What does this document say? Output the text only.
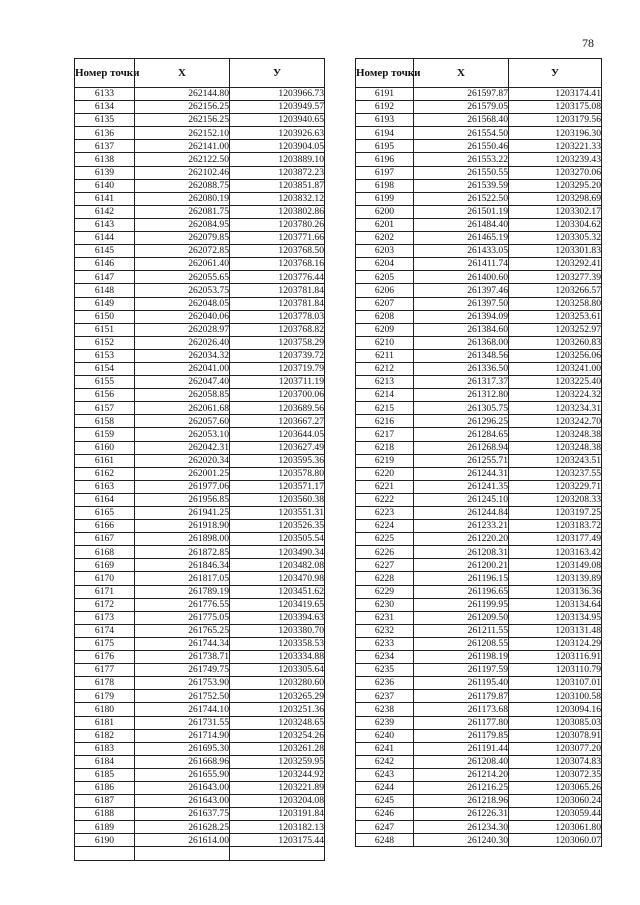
78
Номер точки	X	У
6133	262144.80	1203966.73
6134	262156.25	1203949.57
6135	262156.25	1203940.65
6136	262152.10	1203926.63
6137	262141.00	1203904.05
6138	262122.50	1203889.10
6139	262102.46	1203872.23
6140	262088.75	1203851.87
6141	262080.19	1203832.12
6142	262081.75	1203802.86
6143	262084.95	1203780.26
6144	262079.85	1203771.66
6145	262072.85	1203768.50
6146	262061.40	1203768.16
6147	262055.65	1203776.44
6148	262053.75	1203781.84
6149	262048.05	1203781.84
6150	262040.06	1203778.03
6151	262028.97	1203768.82
6152	262026.40	1203758.29
6153	262034.32	1203739.72
6154	262041.00	1203719.79
6155	262047.40	1203711.19
6156	262058.85	1203700.06
6157	262061.68	1203689.56
6158	262057.60	1203667.27
6159	262053.10	1203644.05
6160	262042.31	1203627.49
6161	262020.34	1203595.36
6162	262001.25	1203578.80
6163	261977.06	1203571.17
6164	261956.85	1203560.38
6165	261941.25	1203551.31
6166	261918.90	1203526.35
6167	261898.00	1203505.54
6168	261872.85	1203490.34
6169	261846.34	1203482.08
6170	261817.05	1203470.98
6171	261789.19	1203451.62
6172	261776.55	1203419.65
6173	261775.05	1203394.63
6174	261765.25	1203380.70
6175	261744.34	1203358.53
6176	261738.71	1203334.88
6177	261749.75	1203305.64
6178	261753.90	1203280.60
6179	261752.50	1203265.29
6180	261744.10	1203251.36
6181	261731.55	1203248.65
6182	261714.90	1203254.26
6183	261695.30	1203261.28
6184	261668.96	1203259.95
6185	261655.90	1203244.92
6186	261643.00	1203221.89
6187	261643.00	1203204.08
6188	261637.75	1203191.84
6189	261628.25	1203182.13
6190	261614.00	1203175.44

Номер точки	X	У
6191	261597.87	1203174.41
6192	261579.05	1203175.08
6193	261568.40	1203179.56
6194	261554.50	1203196.30
6195	261550.46	1203221.33
6196	261553.22	1203239.43
6197	261550.55	1203270.06
6198	261539.59	1203295.20
6199	261522.50	1203298.69
6200	261501.19	1203302.17
6201	261484.40	1203304.62
6202	261465.19	1203305.32
6203	261433.05	1203301.83
6204	261411.74	1203292.41
6205	261400.60	1203277.39
6206	261397.46	1203266.57
6207	261397.50	1203258.80
6208	261394.09	1203253.61
6209	261384.60	1203252.97
6210	261368.00	1203260.83
6211	261348.56	1203256.06
6212	261336.50	1203241.00
6213	261317.37	1203225.40
6214	261312.80	1203224.32
6215	261305.75	1203234.31
6216	261296.25	1203242.70
6217	261284.65	1203248.38
6218	261268.94	1203248.38
6219	261255.71	1203243.51
6220	261244.31	1203237.55
6221	261241.35	1203229.71
6222	261245.10	1203208.33
6223	261244.84	1203197.25
6224	261233.21	1203183.72
6225	261220.20	1203177.49
6226	261208.31	1203163.42
6227	261200.21	1203149.08
6228	261196.15	1203139.89
6229	261196.65	1203136.36
6230	261199.95	1203134.64
6231	261209.50	1203134.95
6232	261211.55	1203131.48
6233	261208.55	1203124.29
6234	261198.19	1203116.91
6235	261197.59	1203110.79
6236	261195.40	1203107.01
6237	261179.87	1203100.58
6238	261173.68	1203094.16
6239	261177.80	1203085.03
6240	261179.85	1203078.91
6241	261191.44	1203077.20
6242	261208.40	1203074.83
6243	261214.20	1203072.35
6244	261216.25	1203065.26
6245	261218.96	1203060.24
6246	261226.31	1203059.44
6247	261234.30	1203061.80
6248	261240.30	1203060.07
